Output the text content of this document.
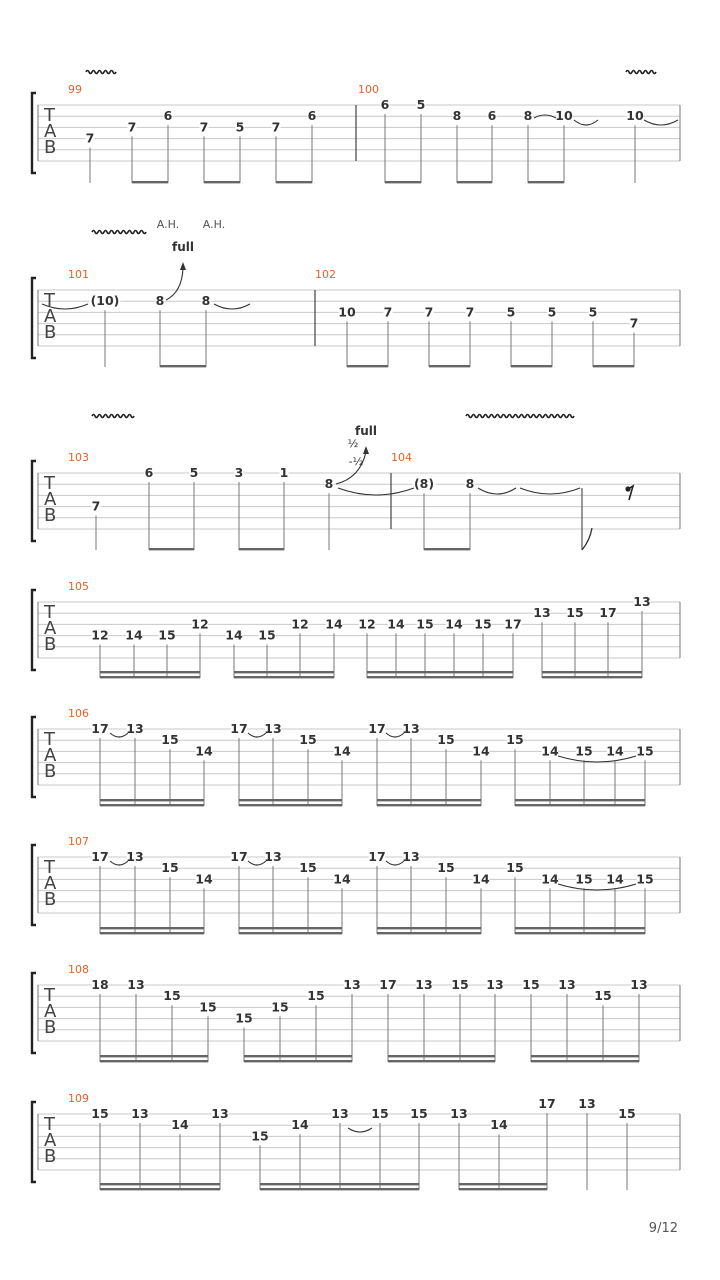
T
A
B
99	100
7
7
6
7 5 7
6
6 5
8 6 8 10	10
T
A
B
101	102
(10)	8	8
10 7	7	7	5	5	5
7
T
A
B
103	104
7
6	5	3	1
8	(8)	8
T
A
B
105
12 14 15
12
14 15
12 14 12 14 15 14 15 17
13 15 17
13
T
A
B
106
17 13
15
14
17 13
15
14
17 13
15
14
15
14 15 14 15
T
A
B
107
17 13
15
14
17 13
15
14
17 13
15
14
15
14 15 14 15
T
A
B
108
18 13
15
15
15
15
15
13 17 13 15 13 15 13
15
13
T
A
B
109
15 13
14
13
15
14
13 15 15 13
14
17 13
15
A.H. A.H.
full
full
½
-½
9/12
